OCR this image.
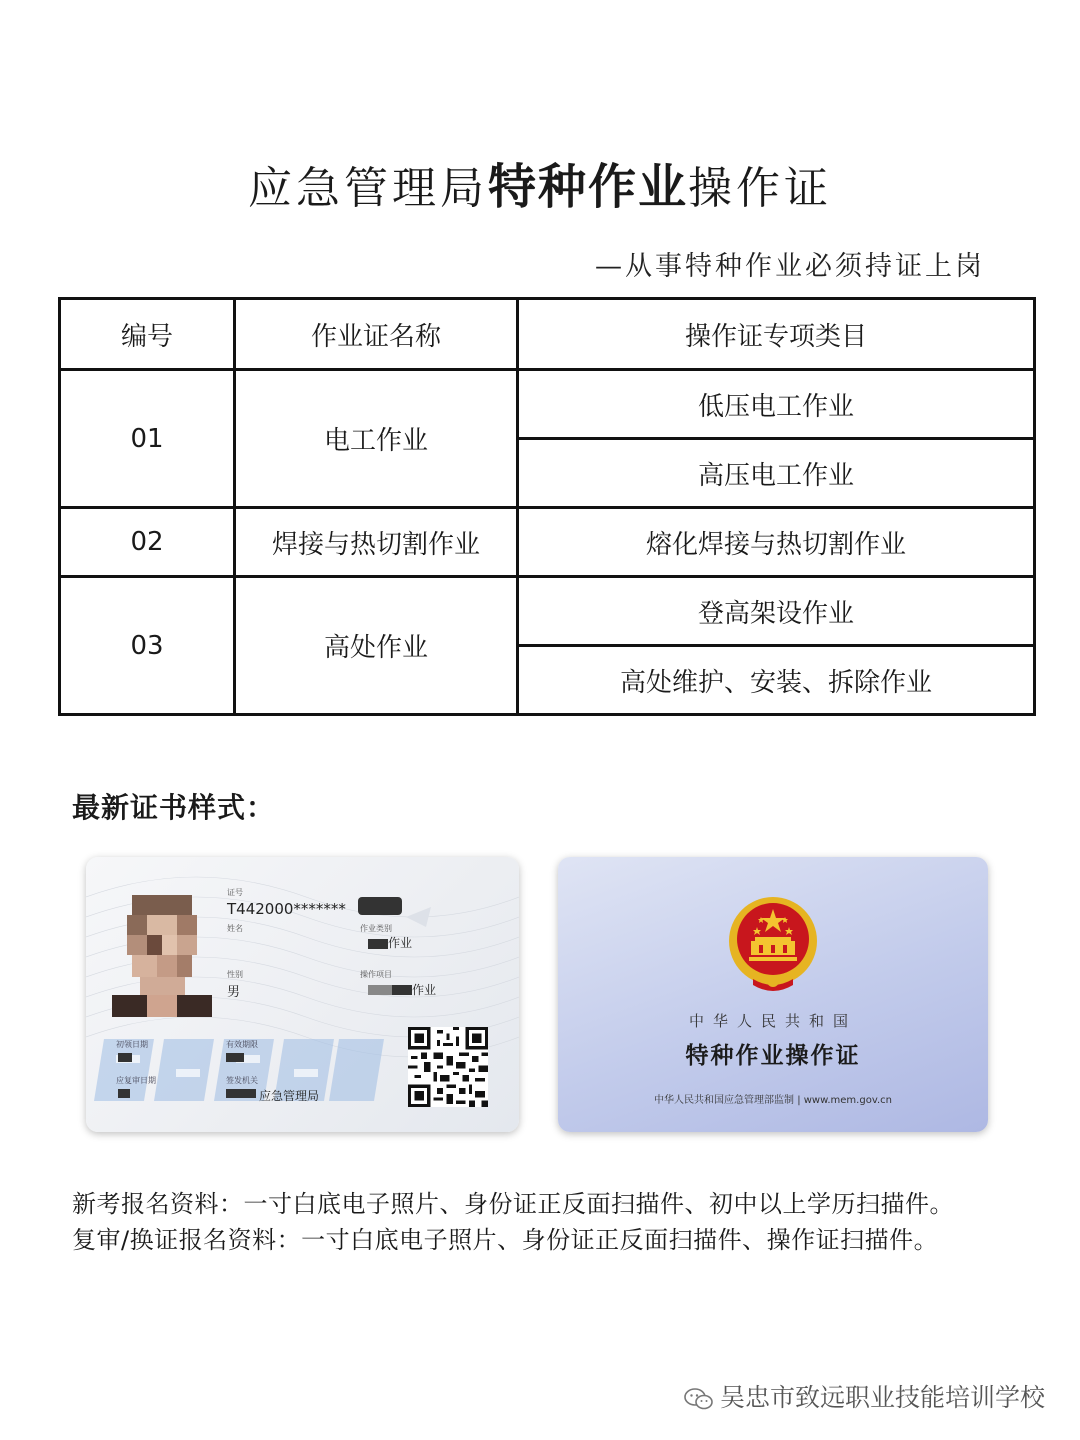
应急管理局特种作业操作证
—从事特种作业必须持证上岗
编号	作业证名称	操作证专项类目
01	电工作业	低压电工作业
		高压电工作业
02	焊接与热切割作业	熔化焊接与热切割作业
03	高处作业	登高架设作业
		高处维护、安装、拆除作业
最新证书样式：
证号
T442000*******
姓名	作业类别
作业
性别
男
操作项目
作业
初领日期	有效期限
应复审日期	签发机关
应急管理局
中华人民共和国
特种作业操作证
中华人民共和国应急管理部监制 | www.mem.gov.cn
新考报名资料：一寸白底电子照片、身份证正反面扫描件、初中以上学历扫描件。
复审/换证报名资料：一寸白底电子照片、身份证正反面扫描件、操作证扫描件。
吴忠市致远职业技能培训学校
